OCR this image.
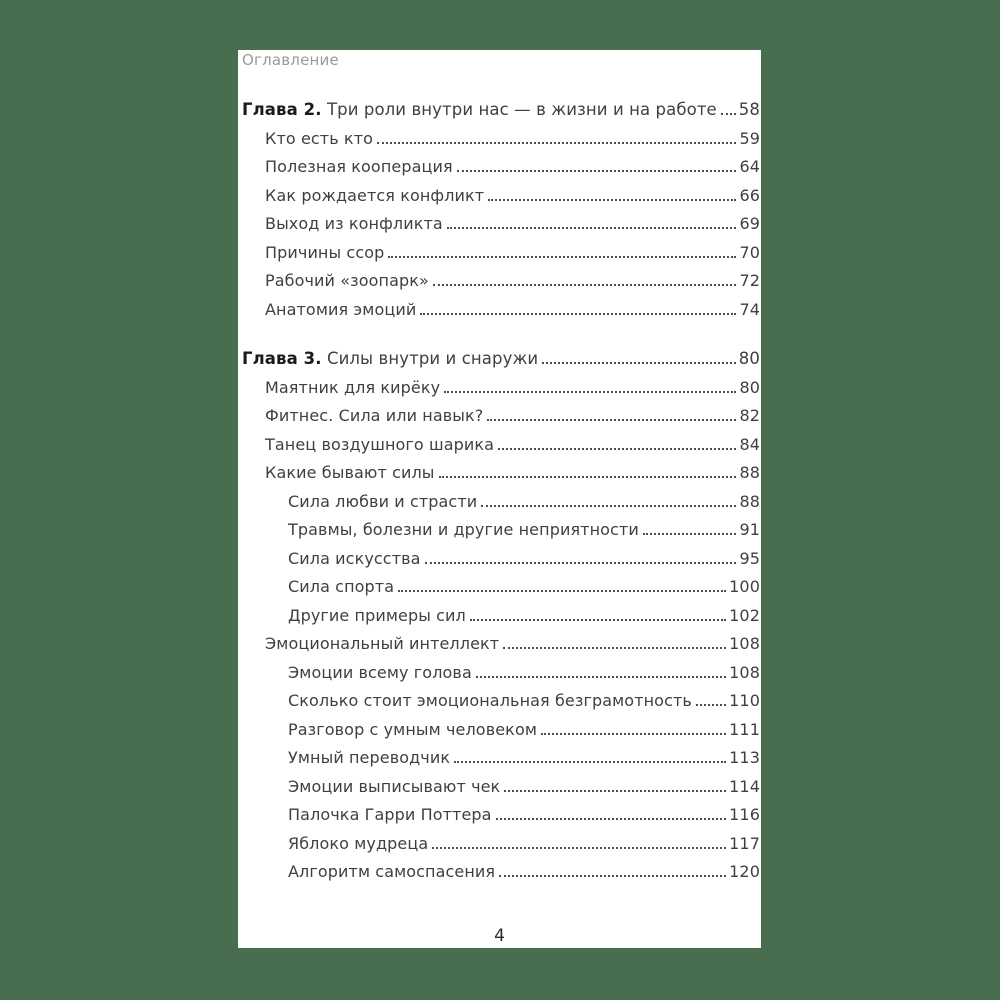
Оглавление
Глава 2. Три роли внутри нас — в жизни и на работе 58
Кто есть кто	59
Полезная кооперация	64
Как рождается конфликт	66
Выход из конфликта	69
Причины ссор	70
Рабочий «зоопарк»	72
Анатомия эмоций	74
Глава 3. Силы внутри и снаружи	80
Маятник для кирёку	80
Фитнес. Сила или навык?	82
Танец воздушного шарика	84
Какие бывают силы	88
Сила любви и страсти	88
Травмы, болезни и другие неприятности	91
Сила искусства	95
Сила спорта	100
Другие примеры сил	102
Эмоциональный интеллект	108
Эмоции всему голова	108
Сколько стоит эмоциональная безграмотность 110
Разговор с умным человеком	111
Умный переводчик	113
Эмоции выписывают чек	114
Палочка Гарри Поттера	116
Яблоко мудреца	117
Алгоритм самоспасения	120
4
